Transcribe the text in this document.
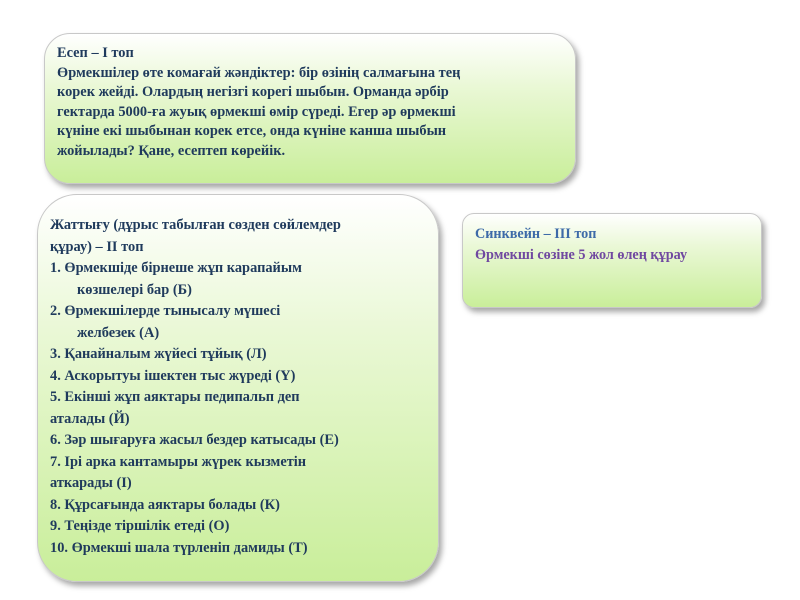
Есеп – І топ
Өрмекшілер өте комағай жәндіктер: бір өзінің салмағына тең
корек жейді. Олардың негізгі корегі шыбын. Орманда әрбір
гектарда 5000-ға жуық өрмекші өмір сүреді. Егер әр өрмекші
күніне екі шыбынан корек етсе, онда күніне канша шыбын
жойылады? Қане, есептеп көрейік.
Жаттығу (дұрыс табылған сөзден сөйлемдер
құрау) – ІІ топ
1. Өрмекшіде бірнеше жұп карапайым
көзшелері бар (Б)
2. Өрмекшілерде тынысалу мүшесі
желбезек (А)
3. Қанайналым жүйесі тұйық (Л)
4. Аскорытуы ішектен тыс жүреді (Ү)
5. Екінші жұп аяктары педипальп деп
аталады (Й)
6. Зәр шығаруға жасыл бездер катысады (Е)
7. Ірі арка кантамыры жүрек кызметін
аткарады (І)
8. Құрсағында аяктары болады (К)
9. Теңізде тіршілік етеді (О)
10. Өрмекші шала түрленіп дамиды (Т)
Синквейн – ІІІ топ
Өрмекші сөзіне 5 жол өлең құрау
